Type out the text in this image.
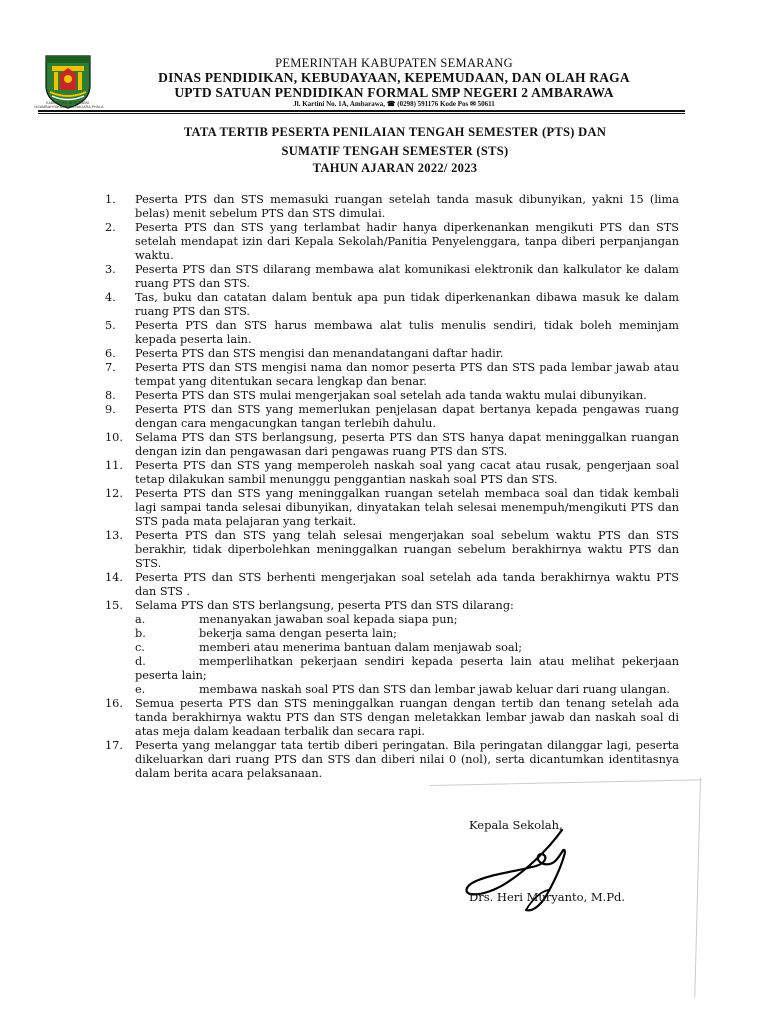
KABUPATEN SEMARANG · NGAMBAHYAKMI KUTA NAGARA PHALA
PEMERINTAH KABUPATEN SEMARANG
DINAS PENDIDIKAN, KEBUDAYAAN, KEPEMUDAAN, DAN OLAH RAGA
UPTD SATUAN PENDIDIKAN FORMAL SMP NEGERI 2 AMBARAWA
Jl. Kartini No. 1A, Ambarawa, ☎ (0298) 591176 Kode Pos ✉ 50611
TATA TERTIB PESERTA PENILAIAN TENGAH SEMESTER (PTS) DAN
SUMATIF TENGAH SEMESTER (STS)
TAHUN AJARAN 2022/ 2023
1. Peserta PTS dan STS memasuki ruangan setelah tanda masuk dibunyikan, yakni 15 (lima belas) menit sebelum PTS dan STS dimulai.
2. Peserta PTS dan STS yang terlambat hadir hanya diperkenankan mengikuti PTS dan STS setelah mendapat izin dari Kepala Sekolah/Panitia Penyelenggara, tanpa diberi perpanjangan waktu.
3. Peserta PTS dan STS dilarang membawa alat komunikasi elektronik dan kalkulator ke dalam ruang PTS dan STS.
4. Tas, buku dan catatan dalam bentuk apa pun tidak diperkenankan dibawa masuk ke dalam ruang PTS dan STS.
5. Peserta PTS dan STS harus membawa alat tulis menulis sendiri, tidak boleh meminjam kepada peserta lain.
6. Peserta PTS dan STS mengisi dan menandatangani daftar hadir.
7. Peserta PTS dan STS mengisi nama dan nomor peserta PTS dan STS pada lembar jawab atau tempat yang ditentukan secara lengkap dan benar.
8. Peserta PTS dan STS mulai mengerjakan soal setelah ada tanda waktu mulai dibunyikan.
9. Peserta PTS dan STS yang memerlukan penjelasan dapat bertanya kepada pengawas ruang dengan cara mengacungkan tangan terlebih dahulu.
10. Selama PTS dan STS berlangsung, peserta PTS dan STS hanya dapat meninggalkan ruangan dengan izin dan pengawasan dari pengawas ruang PTS dan STS.
11. Peserta PTS dan STS yang memperoleh naskah soal yang cacat atau rusak, pengerjaan soal tetap dilakukan sambil menunggu penggantian naskah soal PTS dan STS.
12. Peserta PTS dan STS yang meninggalkan ruangan setelah membaca soal dan tidak kembali lagi sampai tanda selesai dibunyikan, dinyatakan telah selesai menempuh/mengikuti PTS dan STS pada mata pelajaran yang terkait.
13. Peserta PTS dan STS yang telah selesai mengerjakan soal sebelum waktu PTS dan STS berakhir, tidak diperbolehkan meninggalkan ruangan sebelum berakhirnya waktu PTS dan STS.
14. Peserta PTS dan STS berhenti mengerjakan soal setelah ada tanda berakhirnya waktu PTS dan STS .
15. Selama PTS dan STS berlangsung, peserta PTS dan STS dilarang:
a.	menanyakan jawaban soal kepada siapa pun;
b.	bekerja sama dengan peserta lain;
c.	memberi atau menerima bantuan dalam menjawab soal;
d.	memperlihatkan pekerjaan sendiri kepada peserta lain atau melihat pekerjaan peserta lain;
e.	membawa naskah soal PTS dan STS dan lembar jawab keluar dari ruang ulangan.
16. Semua peserta PTS dan STS meninggalkan ruangan dengan tertib dan tenang setelah ada tanda berakhirnya waktu PTS dan STS dengan meletakkan lembar jawab dan naskah soal di atas meja dalam keadaan terbalik dan secara rapi.
17. Peserta yang melanggar tata tertib diberi peringatan. Bila peringatan dilanggar lagi, peserta dikeluarkan dari ruang PTS dan STS dan diberi nilai 0 (nol), serta dicantumkan identitasnya dalam berita acara pelaksanaan.
Kepala Sekolah,
Drs. Heri Muryanto, M.Pd.
